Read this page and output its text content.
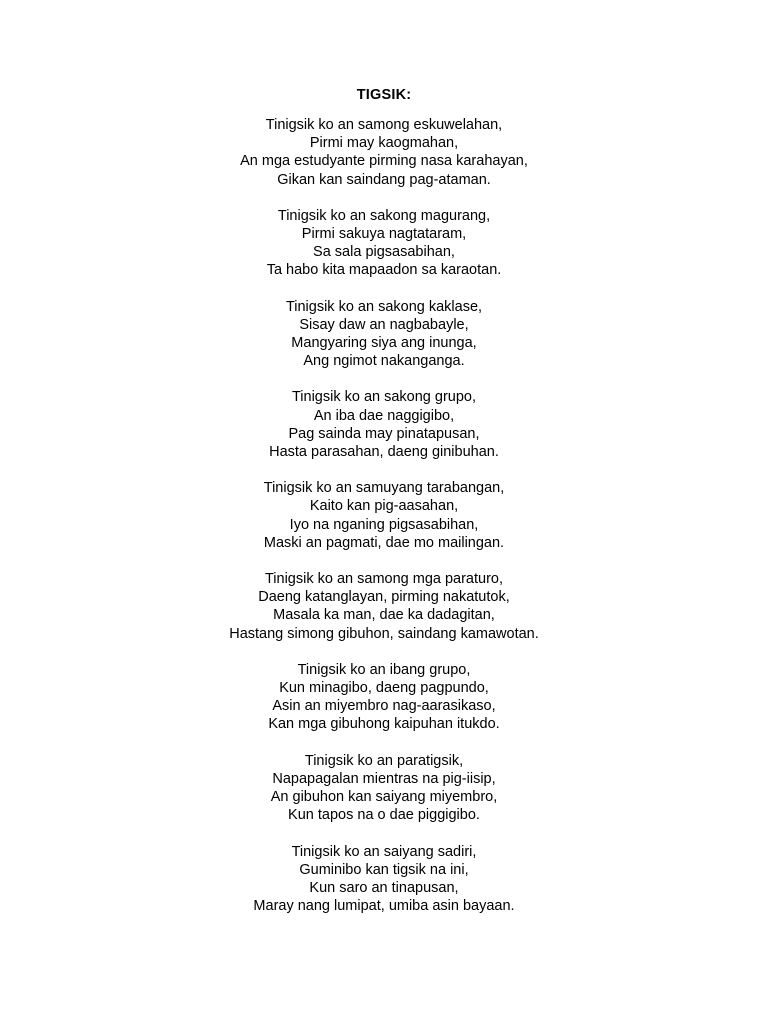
TIGSIK:
Tinigsik ko an samong eskuwelahan,
Pirmi may kaogmahan,
An mga estudyante pirming nasa karahayan,
Gikan kan saindang pag-ataman.
Tinigsik ko an sakong magurang,
Pirmi sakuya nagtataram,
Sa sala pigsasabihan,
Ta habo kita mapaadon sa karaotan.
Tinigsik ko an sakong kaklase,
Sisay daw an nagbabayle,
Mangyaring siya ang inunga,
Ang ngimot nakanganga.
Tinigsik ko an sakong grupo,
An iba dae naggigibo,
Pag sainda may pinatapusan,
Hasta parasahan, daeng ginibuhan.
Tinigsik ko an samuyang tarabangan,
Kaito kan pig-aasahan,
Iyo na nganing pigsasabihan,
Maski an pagmati, dae mo mailingan.
Tinigsik ko an samong mga paraturo,
Daeng katanglayan, pirming nakatutok,
Masala ka man, dae ka dadagitan,
Hastang simong gibuhon, saindang kamawotan.
Tinigsik ko an ibang grupo,
Kun minagibo, daeng pagpundo,
Asin an miyembro nag-aarasikaso,
Kan mga gibuhong kaipuhan itukdo.
Tinigsik ko an paratigsik,
Napapagalan mientras na pig-iisip,
An gibuhon kan saiyang miyembro,
Kun tapos na o dae piggigibo.
Tinigsik ko an saiyang sadiri,
Guminibo kan tigsik na ini,
Kun saro an tinapusan,
Maray nang lumipat, umiba asin bayaan.
